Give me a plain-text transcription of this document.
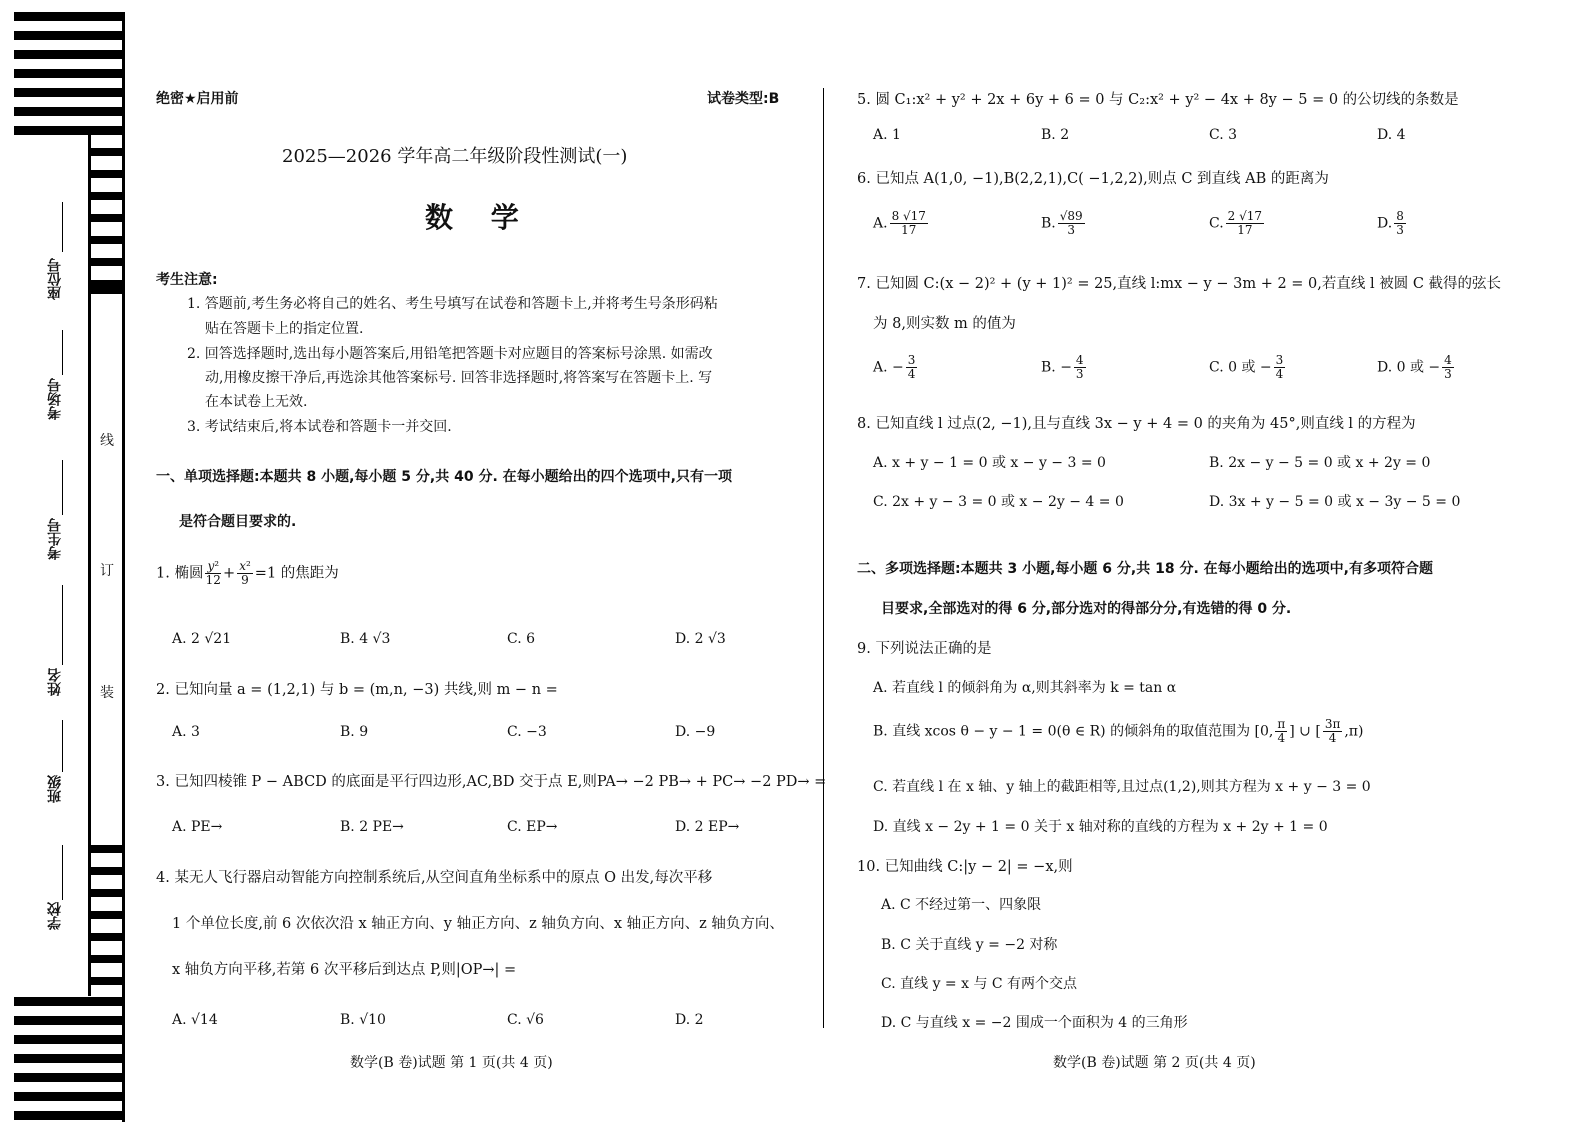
座位号
考场号
考生号
姓名
班级
学校
线
订
装
绝密★启用前	试卷类型:B
2025—2026 学年高二年级阶段性测试(一)
数 学
考生注意:
1. 答题前,考生务必将自己的姓名、考生号填写在试卷和答题卡上,并将考生号条形码粘
贴在答题卡上的指定位置.
2. 回答选择题时,选出每小题答案后,用铅笔把答题卡对应题目的答案标号涂黑. 如需改
动,用橡皮擦干净后,再选涂其他答案标号. 回答非选择题时,将答案写在答题卡上. 写
在本试卷上无效.
3. 考试结束后,将本试卷和答题卡一并交回.
一、单项选择题:本题共 8 小题,每小题 5 分,共 40 分. 在每小题给出的四个选项中,只有一项
是符合题目要求的.
1. 椭圆 $\frac{\text{y²}}{12} + \frac{\text{x²}}{9} =1$ 的焦距为
A. 2 √21	B. 4 √3	C. 6	D. 2 √3
2. 已知向量 a = (1,2,1) 与 b = (m,n, −3) 共线,则 m − n =
A. 3	B. 9	C. −3	D. −9
3. 已知四棱锥 P − ABCD 的底面是平行四边形,AC,BD 交于点 E,则PA→ −2 PB→ + PC→ −2 PD→ =
A. PE→	B. 2 PE→	C. EP→	D. 2 EP→
4. 某无人飞行器启动智能方向控制系统后,从空间直角坐标系中的原点 O 出发,每次平移
1 个单位长度,前 6 次依次沿 x 轴正方向、y 轴正方向、z 轴负方向、x 轴正方向、z 轴负方向、
x 轴负方向平移,若第 6 次平移后到达点 P,则|OP→| =
A. √14	B. √10	C. √6	D. 2
数学(B 卷)试题 第 1 页(共 4 页)
5. 圆 C₁:x² + y² + 2x + 6y + 6 = 0 与 C₂:x² + y² − 4x + 8y − 5 = 0 的公切线的条数是
A. 1	B. 2	C. 3	D. 4
6. 已知点 A(1,0, −1),B(2,2,1),C( −1,2,2),则点 C 到直线 AB 的距离为
A. $\frac{8 √17}{17}$	B. $\frac{√89}{3}$	C. $\frac{2 √17}{17}$	D. $\frac{8}{3}$
7. 已知圆 C:(x − 2)² + (y + 1)² = 25,直线 l:mx − y − 3m + 2 = 0,若直线 l 被圆 C 截得的弦长
为 8,则实数 m 的值为
A. − $\frac{3}{4}$	B. − $\frac{4}{3}$	C. 0 或 − $\frac{3}{4}$	D. 0 或 − $\frac{4}{3}$
8. 已知直线 l 过点(2, −1),且与直线 3x − y + 4 = 0 的夹角为 45°,则直线 l 的方程为
A. x + y − 1 = 0 或 x − y − 3 = 0	B. 2x − y − 5 = 0 或 x + 2y = 0
C. 2x + y − 3 = 0 或 x − 2y − 4 = 0	D. 3x + y − 5 = 0 或 x − 3y − 5 = 0
二、多项选择题:本题共 3 小题,每小题 6 分,共 18 分. 在每小题给出的选项中,有多项符合题
目要求,全部选对的得 6 分,部分选对的得部分分,有选错的得 0 分.
9. 下列说法正确的是
A. 若直线 l 的倾斜角为 α,则其斜率为 k = tan α
B. 直线 xcos θ − y − 1 = 0(θ ∈ R) 的倾斜角的取值范围为 [0, $\frac{\pi}{4}$ ] ∪ [ $\frac{3\pi}{4} ,\pi$)
C. 若直线 l 在 x 轴、y 轴上的截距相等,且过点(1,2),则其方程为 x + y − 3 = 0
D. 直线 x − 2y + 1 = 0 关于 x 轴对称的直线的方程为 x + 2y + 1 = 0
10. 已知曲线 C:|y − 2| = −x,则
A. C 不经过第一、四象限
B. C 关于直线 y = −2 对称
C. 直线 y = x 与 C 有两个交点
D. C 与直线 x = −2 围成一个面积为 4 的三角形
数学(B 卷)试题 第 2 页(共 4 页)
